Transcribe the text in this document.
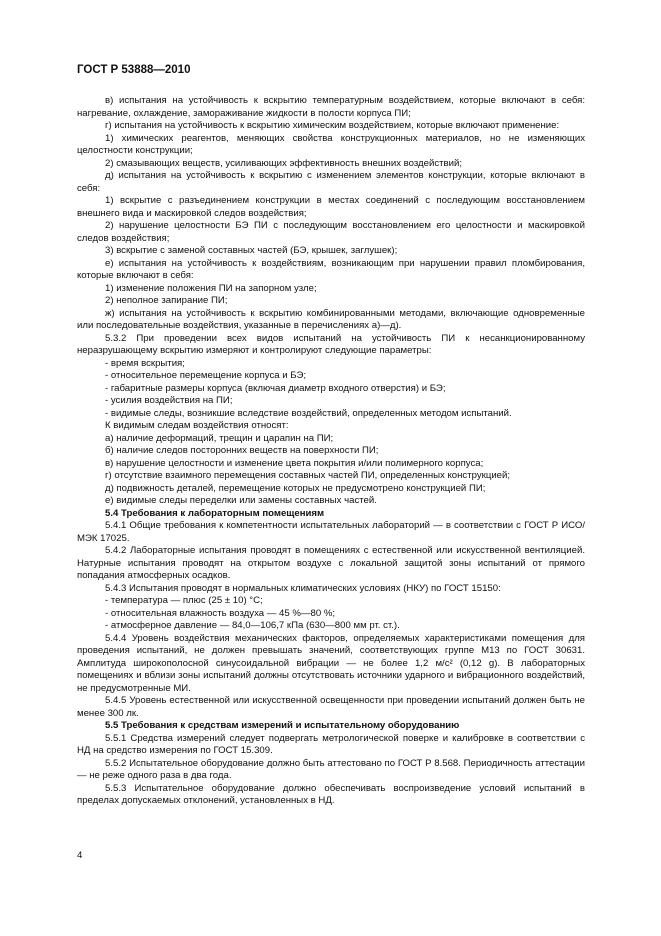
ГОСТ Р 53888—2010

в) испытания на устойчивость к вскрытию температурным воздействием, которые включают в себя: нагревание, охлаждение, замораживание жидкости в полости корпуса ПИ;

г) испытания на устойчивость к вскрытию химическим воздействием, которые включают применение:

1) химических реагентов, меняющих свойства конструкционных материалов, но не изменяющих целостности конструкции;

2) смазывающих веществ, усиливающих эффективность внешних воздействий;

д) испытания на устойчивость к вскрытию с изменением элементов конструкции, которые включают в себя:

1) вскрытие с разъединением конструкции в местах соединений с последующим восстановлением внешнего вида и маскировкой следов воздействия;

2) нарушение целостности БЭ ПИ с последующим восстановлением его целостности и маскировкой следов воздействия;

3) вскрытие с заменой составных частей (БЭ, крышек, заглушек);

е) испытания на устойчивость к воздействиям, возникающим при нарушении правил пломбирования, которые включают в себя:

1) изменение положения ПИ на запорном узле;

2) неполное запирание ПИ;

ж) испытания на устойчивость к вскрытию комбинированными методами, включающие одновременные или последовательные воздействия, указанные в перечислениях а)—д).

5.3.2 При проведении всех видов испытаний на устойчивость ПИ к несанкционированному неразрушающему вскрытию измеряют и контролируют следующие параметры:

- время вскрытия;

- относительное перемещение корпуса и БЭ;

- габаритные размеры корпуса (включая диаметр входного отверстия) и БЭ;

- усилия воздействия на ПИ;

- видимые следы, возникшие вследствие воздействий, определенных методом испытаний.

К видимым следам воздействия относят:

а) наличие деформаций, трещин и царапин на ПИ;

б) наличие следов посторонних веществ на поверхности ПИ;

в) нарушение целостности и изменение цвета покрытия и/или полимерного корпуса;

г) отсутствие взаимного перемещения составных частей ПИ, определенных конструкцией;

д) подвижность деталей, перемещение которых не предусмотрено конструкцией ПИ;

е) видимые следы переделки или замены составных частей.

5.4 Требования к лабораторным помещениям

5.4.1 Общие требования к компетентности испытательных лабораторий — в соответствии с ГОСТ Р ИСО/МЭК 17025.

5.4.2 Лабораторные испытания проводят в помещениях с естественной или искусственной вентиляцией. Натурные испытания проводят на открытом воздухе с локальной защитой зоны испытаний от прямого попадания атмосферных осадков.

5.4.3 Испытания проводят в нормальных климатических условиях (НКУ) по ГОСТ 15150:

- температура — плюс (25 ± 10) °С;

- относительная влажность воздуха — 45 %—80 %;

- атмосферное давление — 84,0—106,7 кПа (630—800 мм рт. ст.).

5.4.4 Уровень воздействия механических факторов, определяемых характеристиками помещения для проведения испытаний, не должен превышать значений, соответствующих группе М13 по ГОСТ 30631. Амплитуда широкополосной синусоидальной вибрации — не более 1,2 м/с² (0,12 g). В лабораторных помещениях и вблизи зоны испытаний должны отсутствовать источники ударного и вибрационного воздействий, не предусмотренные МИ.

5.4.5 Уровень естественной или искусственной освещенности при проведении испытаний должен быть не менее 300 лк.

5.5 Требования к средствам измерений и испытательному оборудованию

5.5.1 Средства измерений следует подвергать метрологической поверке и калибровке в соответствии с НД на средство измерения по ГОСТ 15.309.

5.5.2 Испытательное оборудование должно быть аттестовано по ГОСТ Р 8.568. Периодичность аттестации — не реже одного раза в два года.

5.5.3 Испытательное оборудование должно обеспечивать воспроизведение условий испытаний в пределах допускаемых отклонений, установленных в НД.

4
